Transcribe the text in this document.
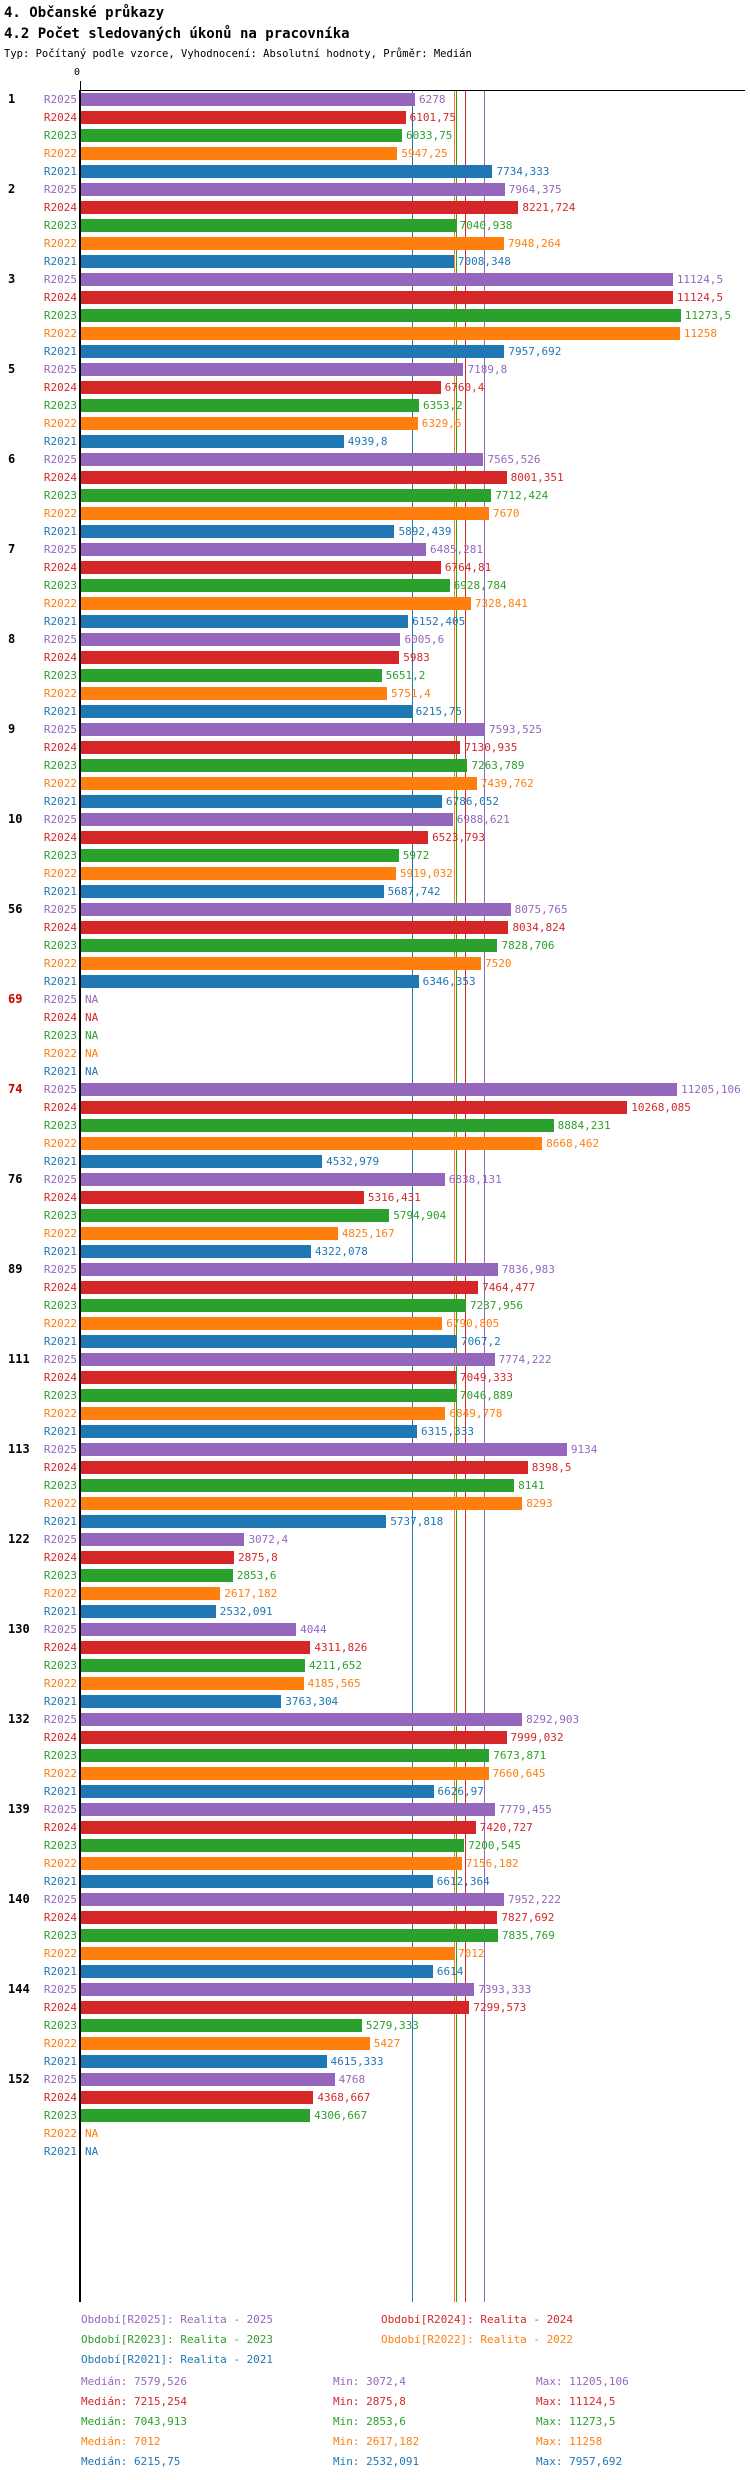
4. Občanské průkazy
4.2 Počet sledovaných úkonů na pracovníka
Typ: Počítaný podle vzorce, Vyhodnocení: Absolutní hodnoty, Průměr: Medián
0
1	R2025	6278
R2024	6101,75
R2023	6033,75
R2022	5947,25
R2021	7734,333
2	R2025	7964,375
R2024	8221,724
R2023	7040,938
R2022	7948,264
R2021	7008,348
3	R2025	11124,5
R2024	11124,5
R2023	11273,5
R2022	11258
R2021	7957,692
5	R2025	7189,8
R2024	6760,4
R2023	6353,2
R2022	6329,6
R2021	4939,8
6	R2025	7565,526
R2024	8001,351
R2023	7712,424
R2022	7670
R2021	5892,439
7	R2025	6485,281
R2024	6764,81
R2023	6928,784
R2022	7328,841
R2021	6152,405
8	R2025	6005,6
R2024	5983
R2023	5651,2
R2022	5751,4
R2021	6215,75
9	R2025	7593,525
R2024	7130,935
R2023	7263,789
R2022	7439,762
R2021	6786,052
10	R2025	6988,621
R2024	6523,793
R2023	5972
R2022	5919,032
R2021	5687,742
56	R2025	8075,765
R2024	8034,824
R2023	7828,706
R2022	7520
R2021	6346,353
69	R2025 NA
R2024 NA
R2023 NA
R2022 NA
R2021 NA
74	R2025	11205,106
R2024	10268,085
R2023	8884,231
R2022	8668,462
R2021	4532,979
76	R2025	6838,131
R2024	5316,431
R2023	5794,904
R2022	4825,167
R2021	4322,078
89	R2025	7836,983
R2024	7464,477
R2023	7237,956
R2022	6790,805
R2021	7067,2
111	R2025	7774,222
R2024	7049,333
R2023	7046,889
R2022	6849,778
R2021	6315,333
113	R2025	9134
R2024	8398,5
R2023	8141
R2022	8293
R2021	5737,818
122	R2025	3072,4
R2024	2875,8
R2023	2853,6
R2022	2617,182
R2021	2532,091
130	R2025	4044
R2024	4311,826
R2023	4211,652
R2022	4185,565
R2021	3763,304
132	R2025	8292,903
R2024	7999,032
R2023	7673,871
R2022	7660,645
R2021	6626,97
139	R2025	7779,455
R2024	7420,727
R2023	7200,545
R2022	7156,182
R2021	6612,364
140	R2025	7952,222
R2024	7827,692
R2023	7835,769
R2022	7012
R2021	6614
144	R2025	7393,333
R2024	7299,573
R2023	5279,333
R2022	5427
R2021	4615,333
152	R2025	4768
R2024	4368,667
R2023	4306,667
R2022 NA
R2021 NA
Období[R2025]: Realita - 2025
Období[R2023]: Realita - 2023
Období[R2021]: Realita - 2021
Období[R2024]: Realita - 2024
Období[R2022]: Realita - 2022
Medián: 7579,526	Min: 3072,4	Max: 11205,106
Medián: 7215,254	Min: 2875,8	Max: 11124,5
Medián: 7043,913	Min: 2853,6	Max: 11273,5
Medián: 7012	Min: 2617,182	Max: 11258
Medián: 6215,75	Min: 2532,091	Max: 7957,692
